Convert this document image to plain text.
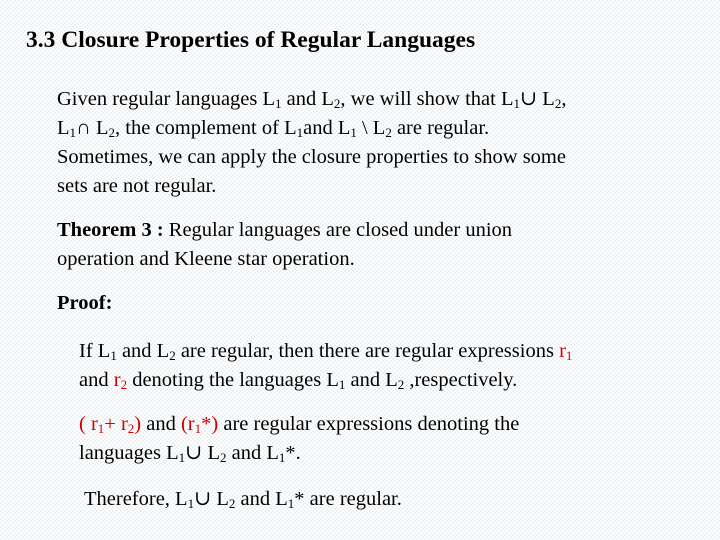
3.3 Closure Properties of Regular Languages
Given regular languages $L_1$ and $L_2$, we will show that $L_1\cup$ $L_2$,
$L_1\cap$ $L_2$, the complement of $L_1and$ $L_1$ \ $L_2$ are regular.
Sometimes, we can apply the closure properties to show some
sets are not regular.
Theorem 3 : Regular languages are closed under union
operation and Kleene star operation.
Proof:
If $L_1$ and $L_2$ are regular, then there are regular expressions $r_1$
and $r_2$ denoting the languages $L_1$ and $L_2$ ,respectively.
( $r_1+ r_2$) and $(r_1*)$ are regular expressions denoting the
languages $L_1\cup$ $L_2$ and $L_1*$.
Therefore, $L_1\cup$ $L_2$ and $L_1*$ are regular.
